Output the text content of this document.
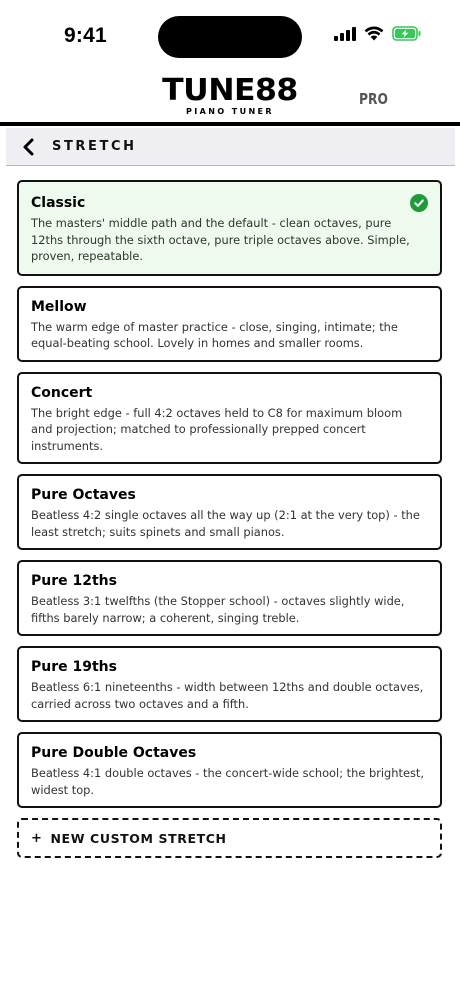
9:41
TUNE88
PIANO TUNER
PRO
STRETCH
Classic
The masters' middle path and the default - clean octaves, pure 12ths through the sixth octave, pure triple octaves above. Simple, proven, repeatable.
Mellow
The warm edge of master practice - close, singing, intimate; the equal-beating school. Lovely in homes and smaller rooms.
Concert
The bright edge - full 4:2 octaves held to C8 for maximum bloom and projection; matched to professionally prepped concert instruments.
Pure Octaves
Beatless 4:2 single octaves all the way up (2:1 at the very top) - the least stretch; suits spinets and small pianos.
Pure 12ths
Beatless 3:1 twelfths (the Stopper school) - octaves slightly wide, fifths barely narrow; a coherent, singing treble.
Pure 19ths
Beatless 6:1 nineteenths - width between 12ths and double octaves, carried across two octaves and a fifth.
Pure Double Octaves
Beatless 4:1 double octaves - the concert-wide school; the brightest, widest top.
+ NEW CUSTOM STRETCH
